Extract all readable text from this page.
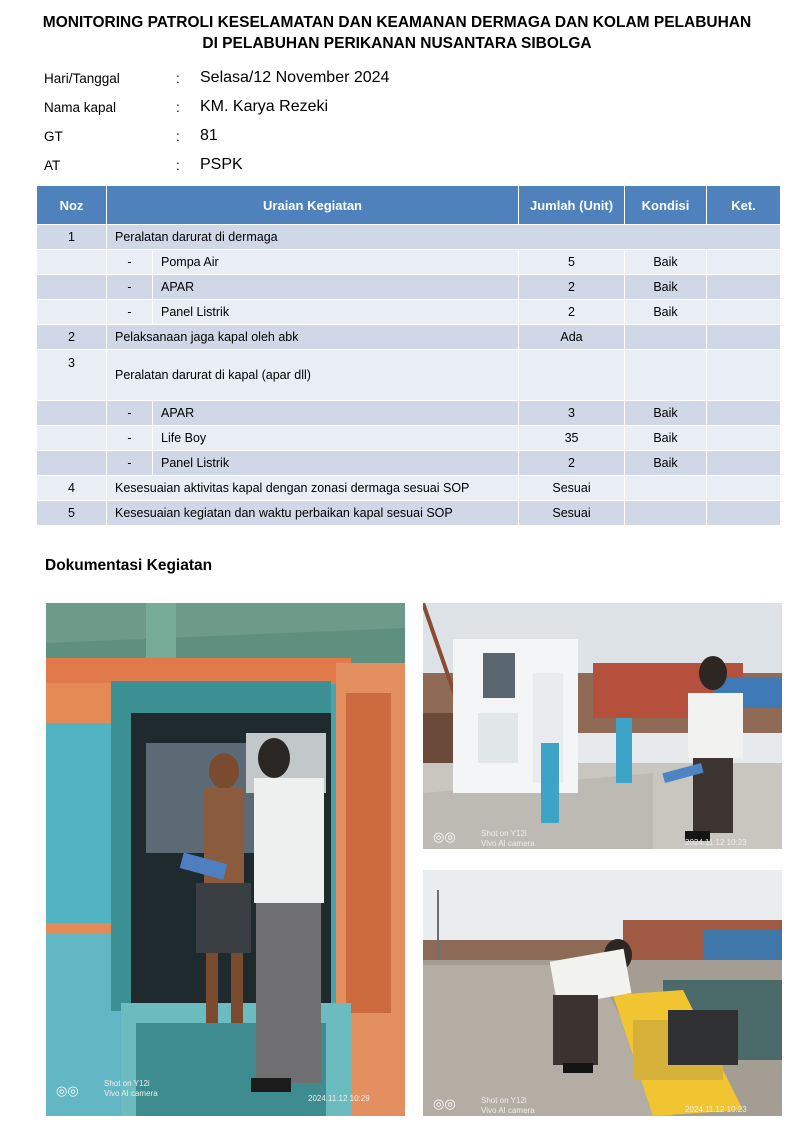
MONITORING PATROLI KESELAMATAN DAN KEAMANAN DERMAGA DAN KOLAM PELABUHAN
DI PELABUHAN PERIKANAN NUSANTARA SIBOLGA
Hari/Tanggal	: Selasa/12 November 2024
Nama kapal	: KM. Karya Rezeki
GT	: 81
AT	: PSPK
Noz	Uraian Kegiatan		Jumlah (Unit)	Kondisi	Ket.
1	Peralatan darurat di dermaga				
	-	Pompa Air	5	Baik	
	-	APAR	2	Baik	
	-	Panel Listrik	2	Baik	
2	Pelaksanaan jaga kapal oleh abk		Ada		
3	Peralatan darurat di kapal (apar dll)				
	-	APAR	3	Baik	
	-	Life Boy	35	Baik	
	-	Panel Listrik	2	Baik	
4	Kesesuaian aktivitas kapal dengan zonasi dermaga sesuai SOP		Sesuai		
5	Kesesuaian kegiatan dan waktu perbaikan kapal sesuai SOP		Sesuai		
Dokumentasi Kegiatan
◎◎	Shot on Y12i
Vivo AI camera
2024.11.12 10:29
◎◎	Shot on Y12i
Vivo AI camera	2024.11.12 10:23
◎◎	Shot on Y12i
Vivo AI camera	2024.11.12 10:23
